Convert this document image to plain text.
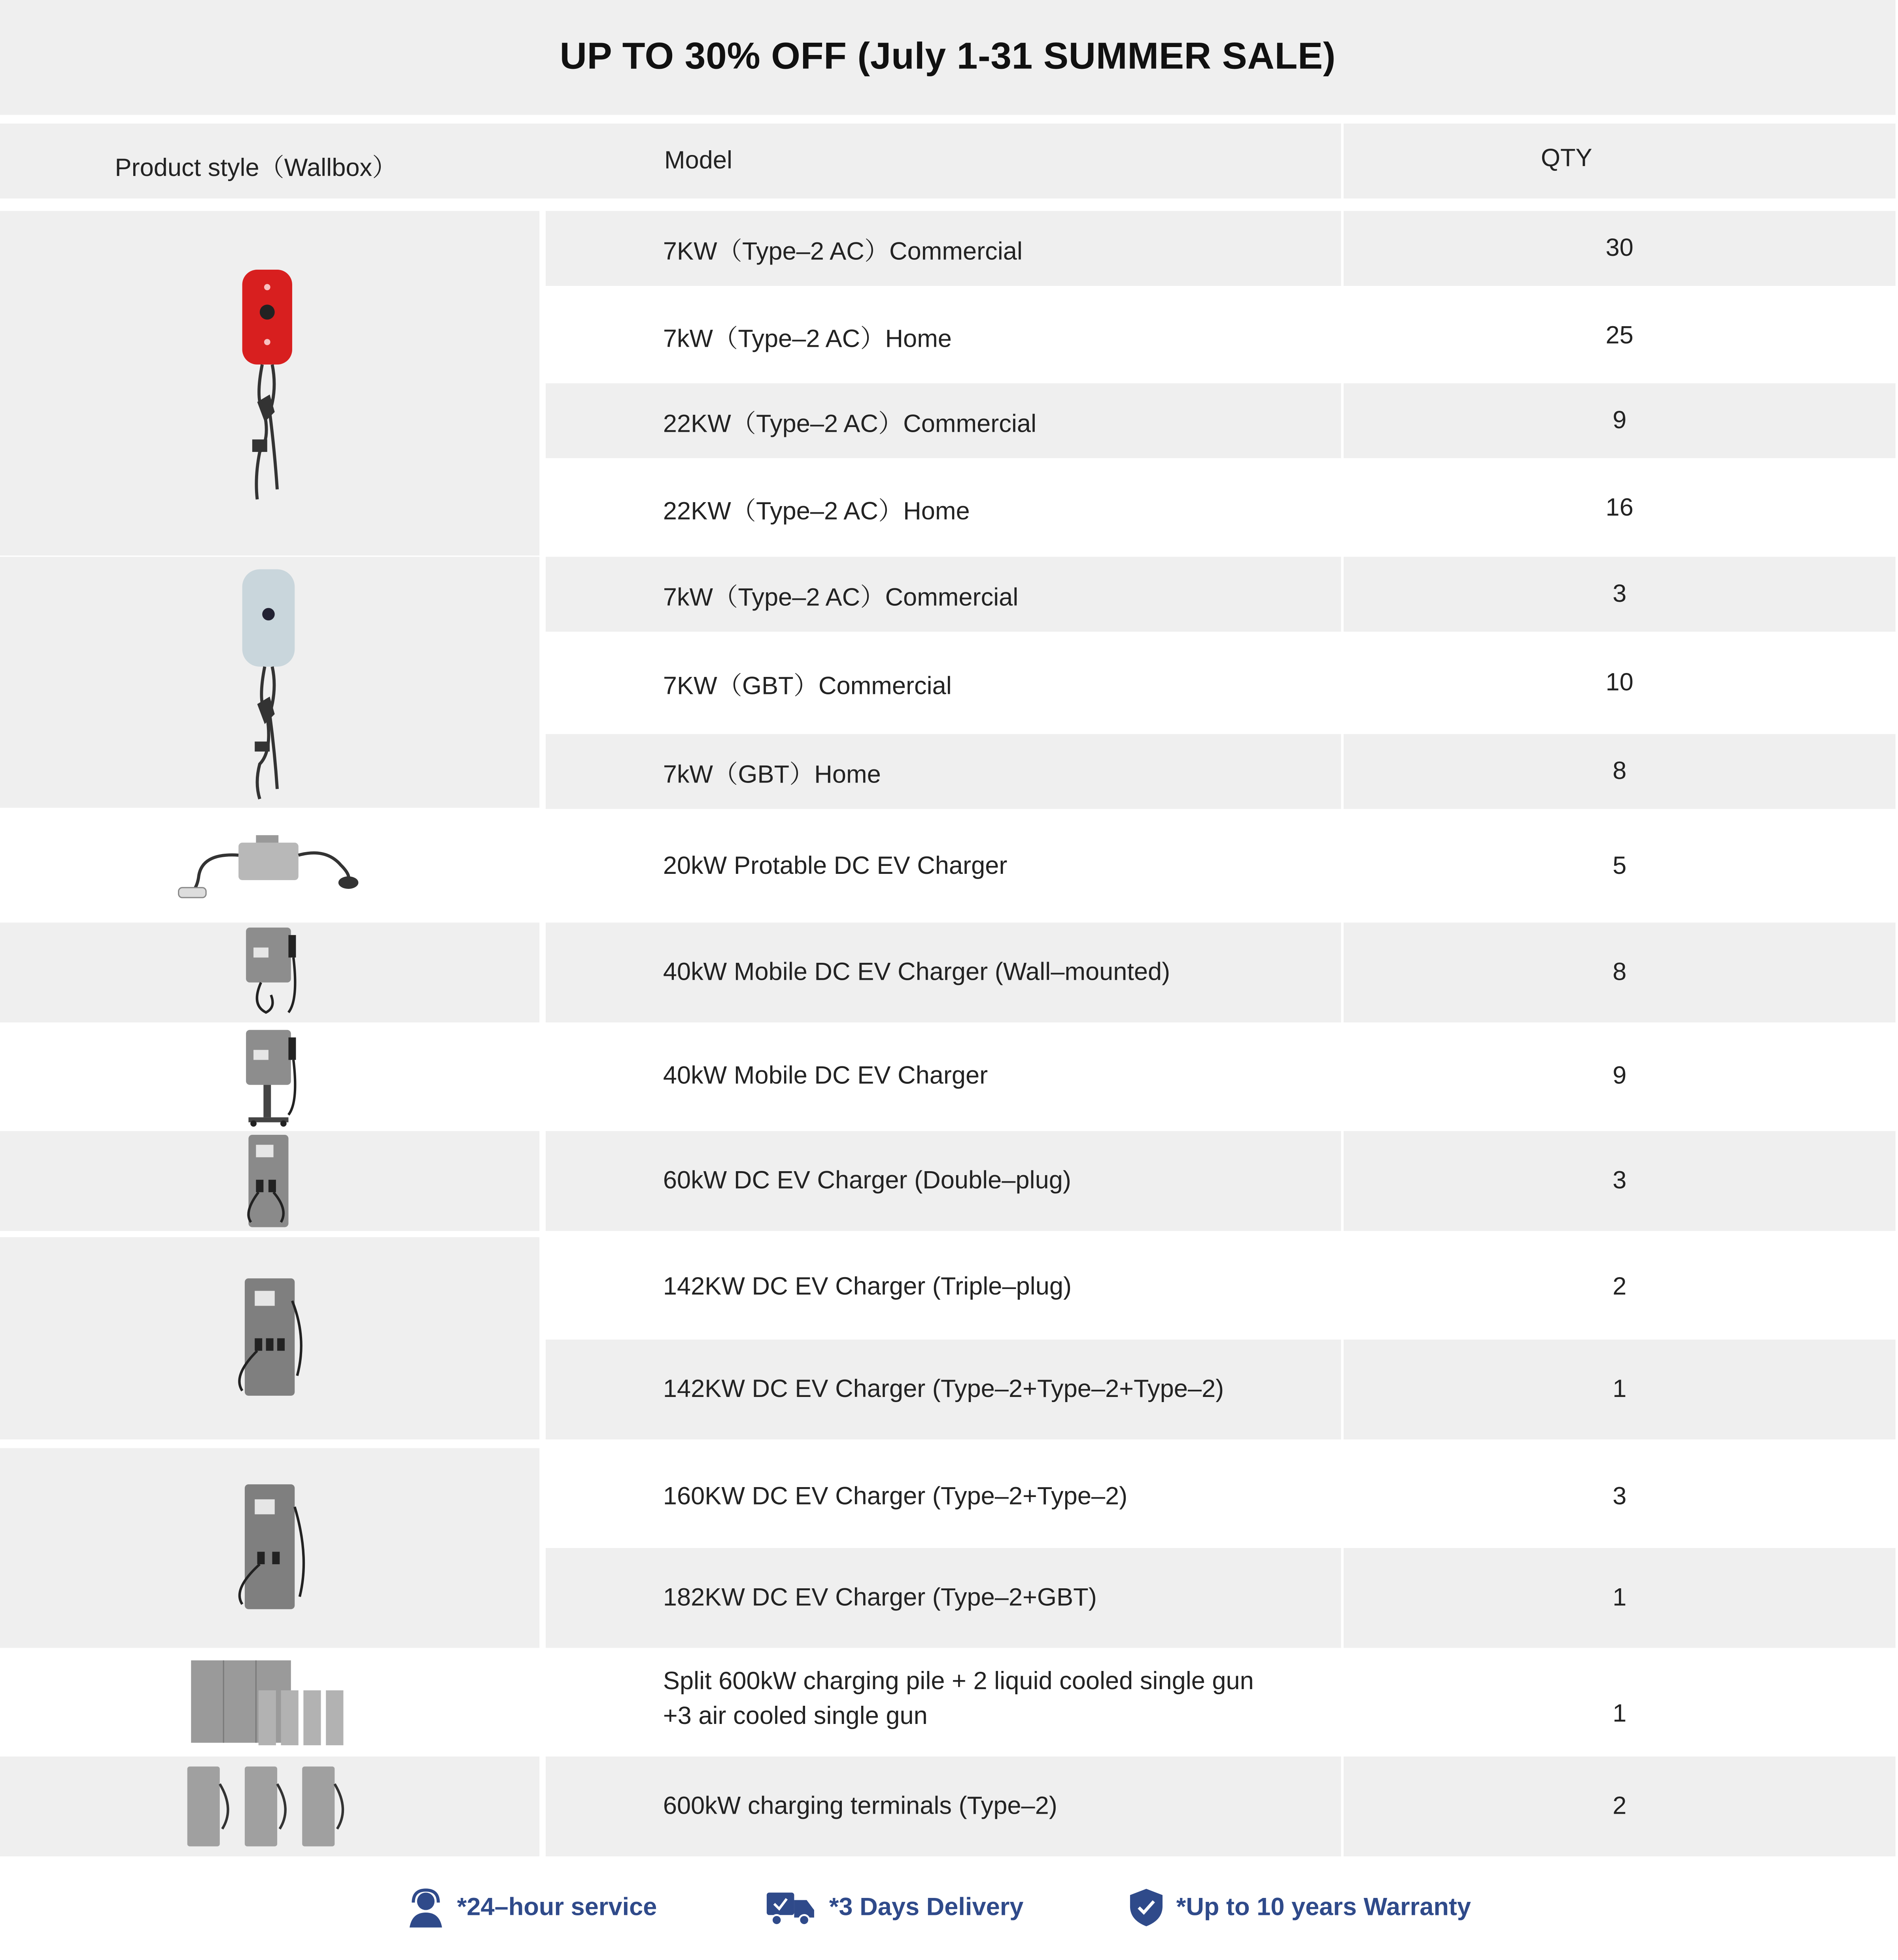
UP TO 30% OFF (July 1-31 SUMMER SALE)
Product style（Wallbox）	Model	QTY
7KW（Type–2 AC）Commercial	30
7kW（Type–2 AC）Home	25
22KW（Type–2 AC）Commercial	9
22KW（Type–2 AC）Home	16
7kW（Type–2 AC）Commercial	3
7KW（GBT）Commercial	10
7kW（GBT）Home	8
20kW Protable DC EV Charger	5
40kW Mobile DC EV Charger (Wall–mounted)	8
40kW Mobile DC EV Charger	9
60kW DC EV Charger (Double–plug)	3
142KW DC EV Charger (Triple–plug)	2
142KW DC EV Charger (Type–2+Type–2+Type–2)	1
160KW DC EV Charger (Type–2+Type–2)	3
182KW DC EV Charger (Type–2+GBT)	1
Split 600kW charging pile + 2 liquid cooled single gun
+3 air cooled single gun	1
600kW charging terminals (Type–2)	2
*24–hour service	*3 Days Delivery	*Up to 10 years Warranty
